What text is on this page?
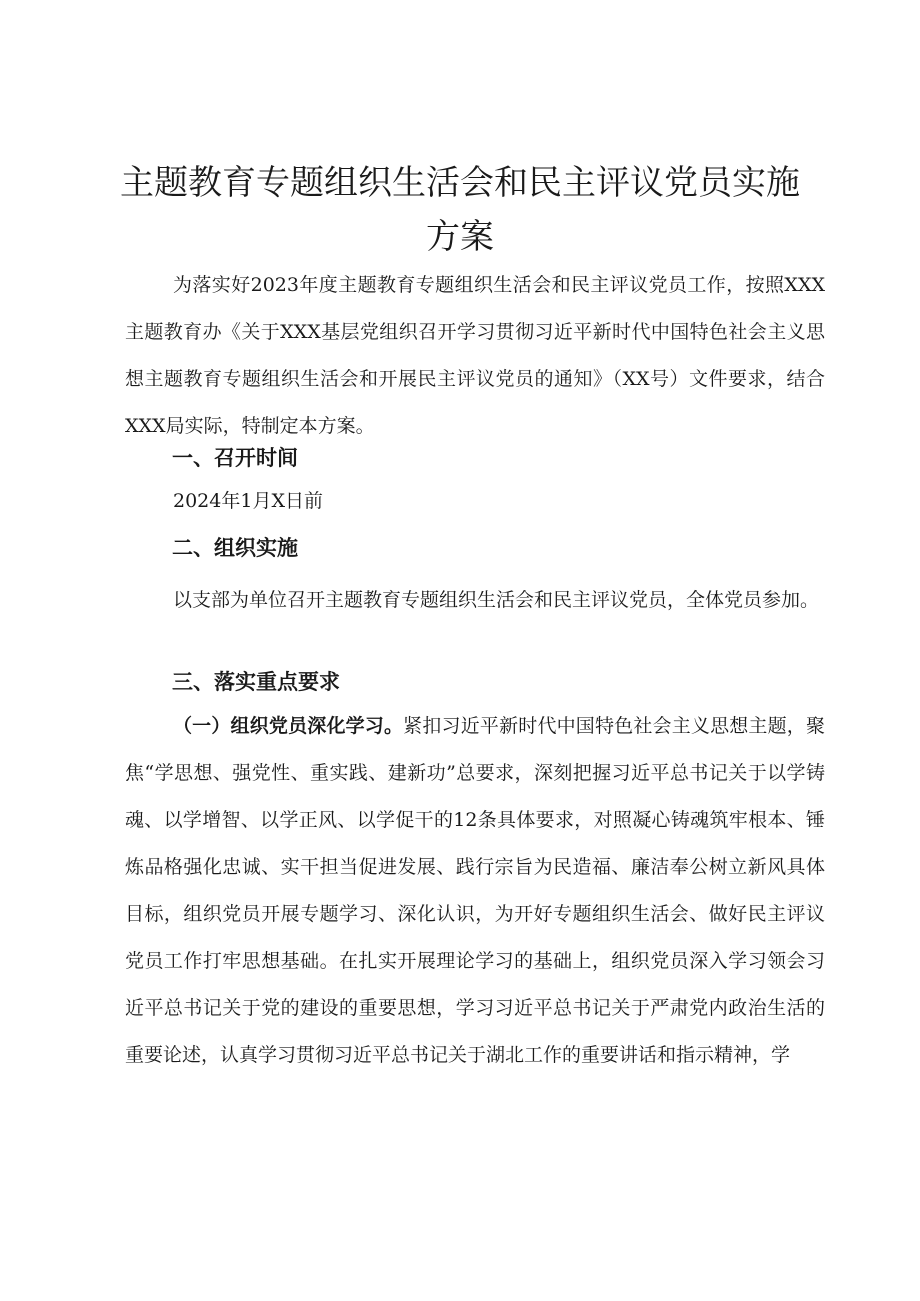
主题教育专题组织生活会和民主评议党员实施
方案

为落实好2023年度主题教育专题组织生活会和民主评议党员工作，按照XXX主题教育办《关于XXX基层党组织召开学习贯彻习近平新时代中国特色社会主义思想主题教育专题组织生活会和开展民主评议党员的通知》（XX号）文件要求，结合XXX局实际，特制定本方案。

一、召开时间

2024年1月X日前

二、组织实施

以支部为单位召开主题教育专题组织生活会和民主评议党员，全体党员参加。

三、落实重点要求

（一）组织党员深化学习。紧扣习近平新时代中国特色社会主义思想主题，聚焦“学思想、强党性、重实践、建新功”总要求，深刻把握习近平总书记关于以学铸魂、以学增智、以学正风、以学促干的12条具体要求，对照凝心铸魂筑牢根本、锤炼品格强化忠诚、实干担当促进发展、践行宗旨为民造福、廉洁奉公树立新风具体目标，组织党员开展专题学习、深化认识，为开好专题组织生活会、做好民主评议党员工作打牢思想基础。在扎实开展理论学习的基础上，组织党员深入学习领会习近平总书记关于党的建设的重要思想，学习习近平总书记关于严肃党内政治生活的重要论述，认真学习贯彻习近平总书记关于湖北工作的重要讲话和指示精神，学
